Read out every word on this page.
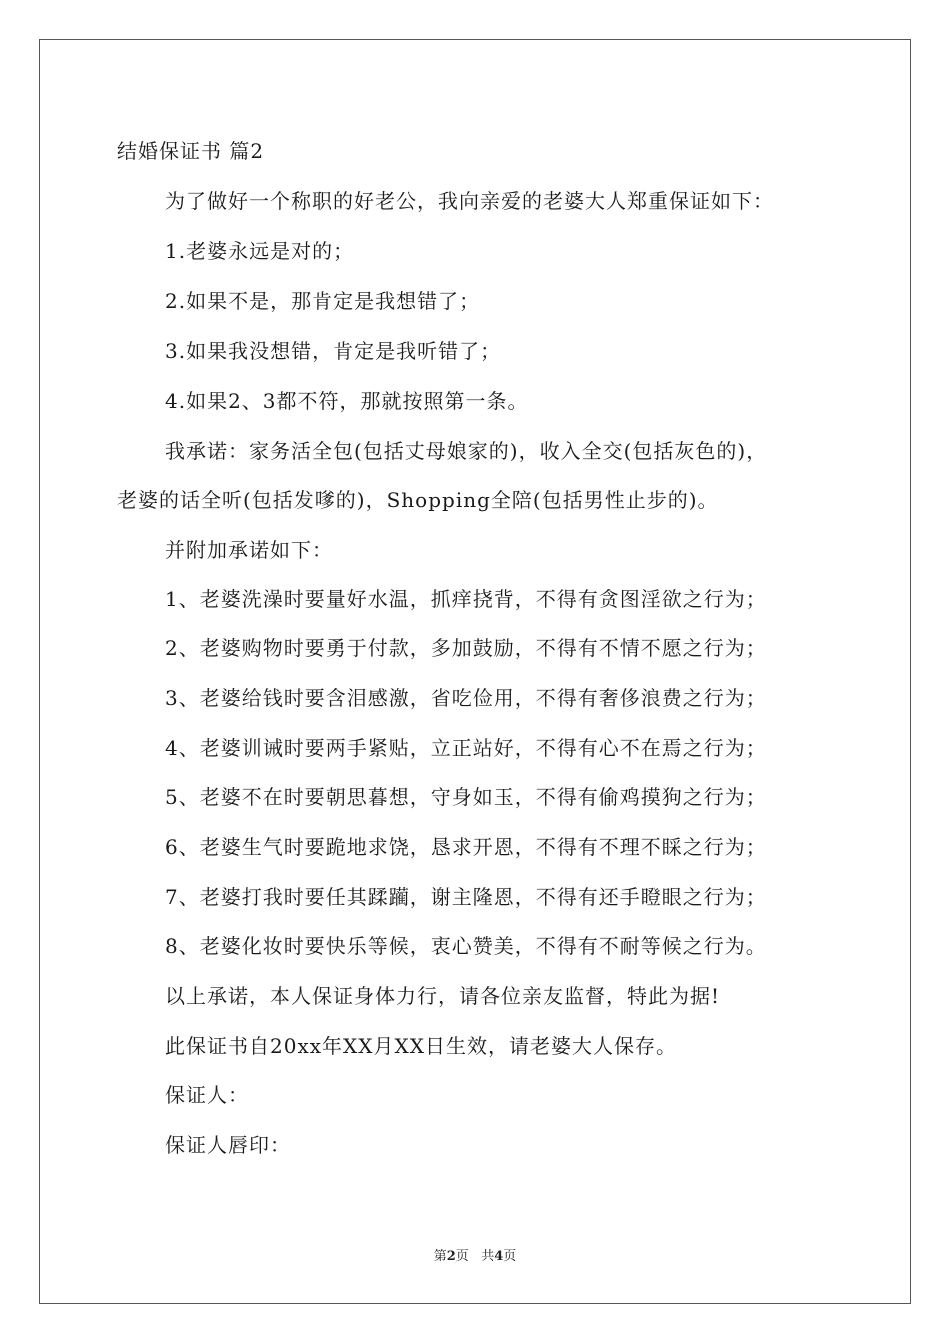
结婚保证书 篇2
为了做好一个称职的好老公，我向亲爱的老婆大人郑重保证如下：
1.老婆永远是对的；
2.如果不是，那肯定是我想错了；
3.如果我没想错，肯定是我听错了；
4.如果2、3都不符，那就按照第一条。
我承诺：家务活全包(包括丈母娘家的)，收入全交(包括灰色的)，
老婆的话全听(包括发嗲的)，Shopping全陪(包括男性止步的)。
并附加承诺如下：
1、老婆洗澡时要量好水温，抓痒挠背，不得有贪图淫欲之行为；
2、老婆购物时要勇于付款，多加鼓励，不得有不情不愿之行为；
3、老婆给钱时要含泪感激，省吃俭用，不得有奢侈浪费之行为；
4、老婆训诫时要两手紧贴，立正站好，不得有心不在焉之行为；
5、老婆不在时要朝思暮想，守身如玉，不得有偷鸡摸狗之行为；
6、老婆生气时要跪地求饶，恳求开恩，不得有不理不睬之行为；
7、老婆打我时要任其蹂躏，谢主隆恩，不得有还手瞪眼之行为；
8、老婆化妆时要快乐等候，衷心赞美，不得有不耐等候之行为。
以上承诺，本人保证身体力行，请各位亲友监督，特此为据!
此保证书自20xx年XX月XX日生效，请老婆大人保存。
保证人：
保证人唇印：
第2页   共4页
